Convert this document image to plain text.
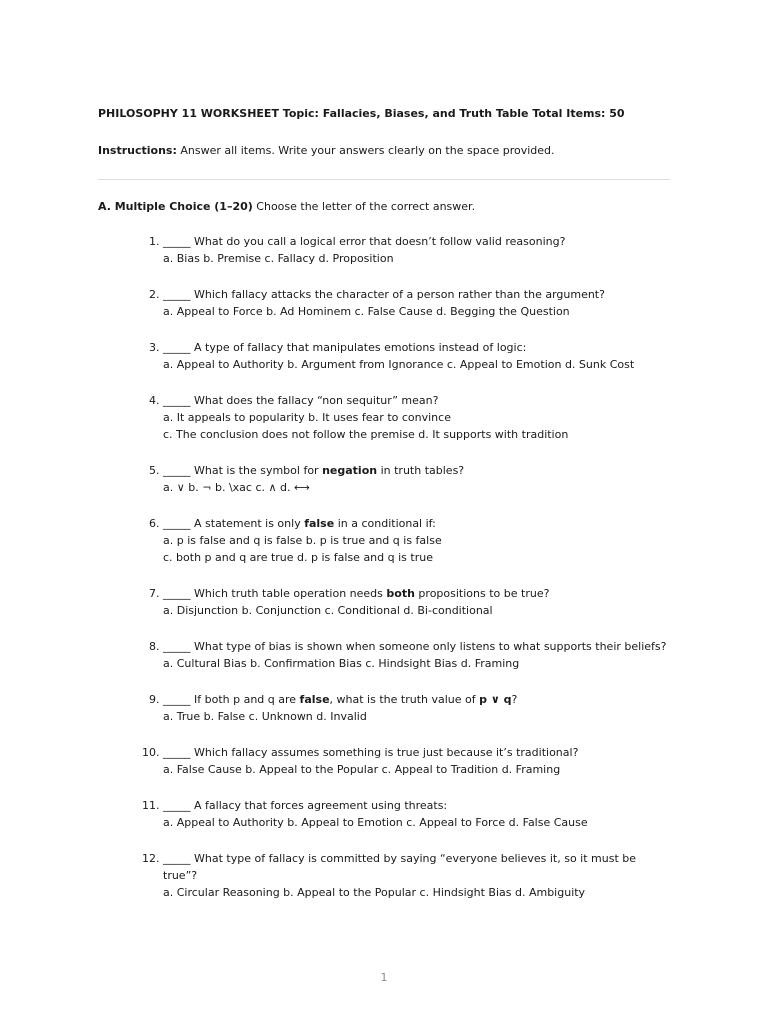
PHILOSOPHY 11 WORKSHEET Topic: Fallacies, Biases, and Truth Table Total Items: 50

Instructions: Answer all items. Write your answers clearly on the space provided.
A. Multiple Choice (1–20) Choose the letter of the correct answer.
1. _____ What do you call a logical error that doesn’t follow valid reasoning?
a. Bias b. Premise c. Fallacy d. Proposition
2. _____ Which fallacy attacks the character of a person rather than the argument?
a. Appeal to Force b. Ad Hominem c. False Cause d. Begging the Question
3. _____ A type of fallacy that manipulates emotions instead of logic:
a. Appeal to Authority b. Argument from Ignorance c. Appeal to Emotion d. Sunk Cost
4. _____ What does the fallacy “non sequitur” mean?
a. It appeals to popularity b. It uses fear to convince
c. The conclusion does not follow the premise d. It supports with tradition
5. _____ What is the symbol for negation in truth tables?
a. ∨ b. ¬ b. \xac c. ∧ d. ⟷
6. _____ A statement is only false in a conditional if:
a. p is false and q is false b. p is true and q is false
c. both p and q are true d. p is false and q is true
7. _____ Which truth table operation needs both propositions to be true?
a. Disjunction b. Conjunction c. Conditional d. Bi-conditional
8. _____ What type of bias is shown when someone only listens to what supports their beliefs?
a. Cultural Bias b. Confirmation Bias c. Hindsight Bias d. Framing
9. _____ If both p and q are false, what is the truth value of p ∨ q?
a. True b. False c. Unknown d. Invalid
10. _____ Which fallacy assumes something is true just because it’s traditional?
a. False Cause b. Appeal to the Popular c. Appeal to Tradition d. Framing
11. _____ A fallacy that forces agreement using threats:
a. Appeal to Authority b. Appeal to Emotion c. Appeal to Force d. False Cause
12. _____ What type of fallacy is committed by saying “everyone believes it, so it must be true”?
a. Circular Reasoning b. Appeal to the Popular c. Hindsight Bias d. Ambiguity
1
